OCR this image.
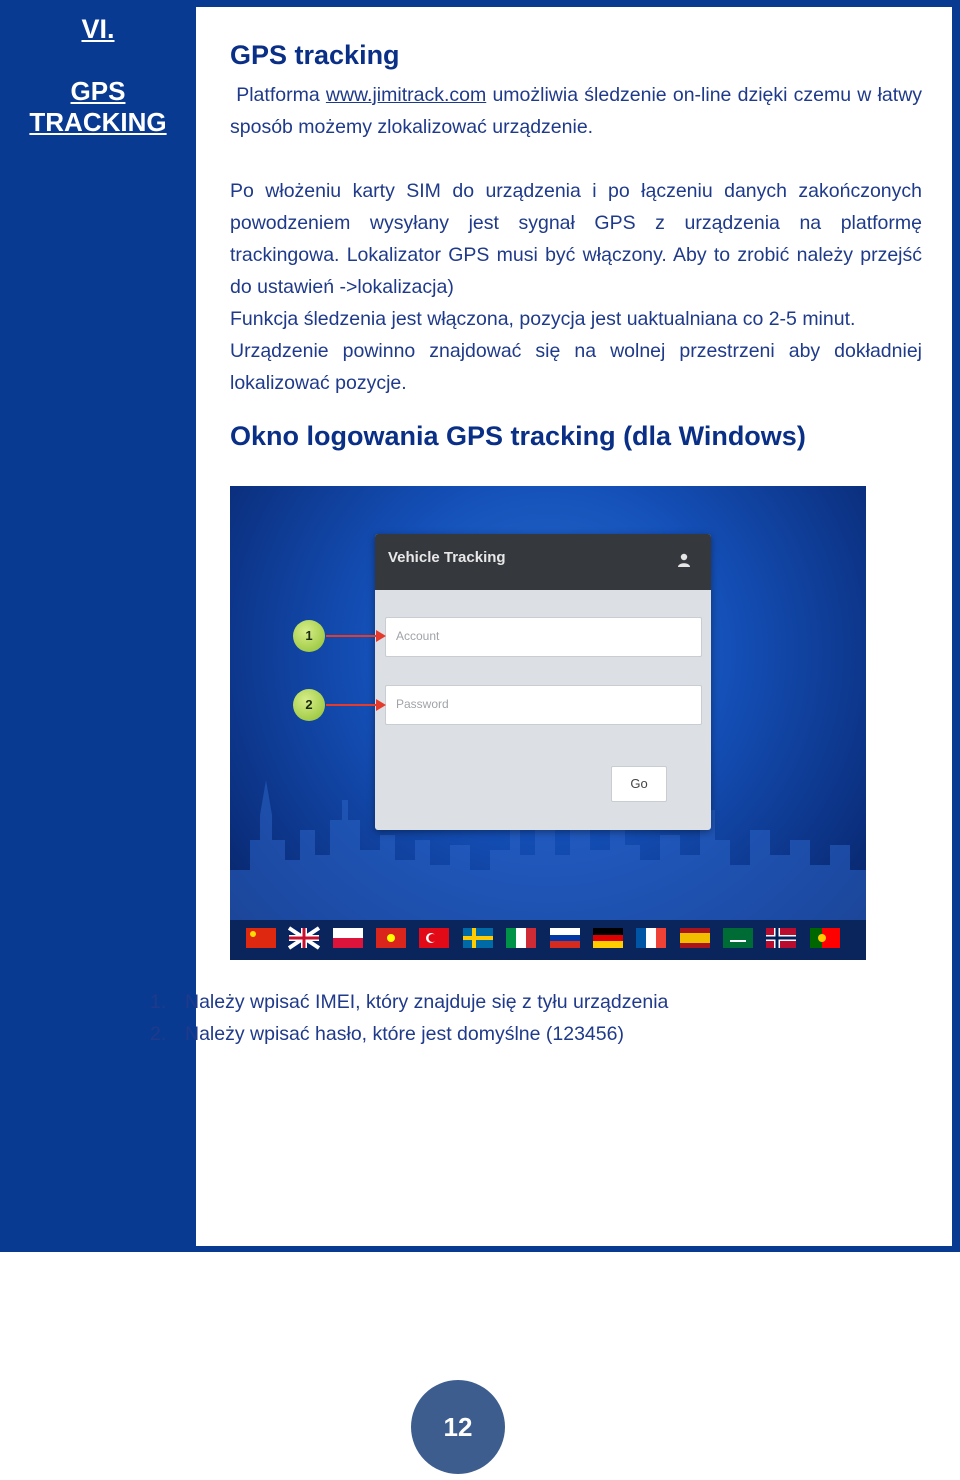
VI.
GPS TRACKING
GPS tracking
Platforma www.jimitrack.com umożliwia śledzenie on-line dzięki czemu w łatwy sposób możemy zlokalizować urządzenie.
Po włożeniu karty SIM do urządzenia i po łączeniu danych zakończonych powodzeniem wysyłany jest sygnał GPS z urządzenia na platformę trackingowa. Lokalizator GPS musi być włączony. Aby to zrobić należy przejść do ustawień ->lokalizacja)
Funkcja śledzenia jest włączona, pozycja jest uaktualniana co 2-5 minut.
Urządzenie powinno znajdować się na wolnej przestrzeni aby dokładniej lokalizować pozycje.
Okno logowania GPS tracking (dla Windows)
Vehicle Tracking
Account
Password
Go
1
2
1. Należy wpisać IMEI, który znajduje się z tyłu urządzenia
2. Należy wpisać hasło, które jest domyślne (123456)
12
